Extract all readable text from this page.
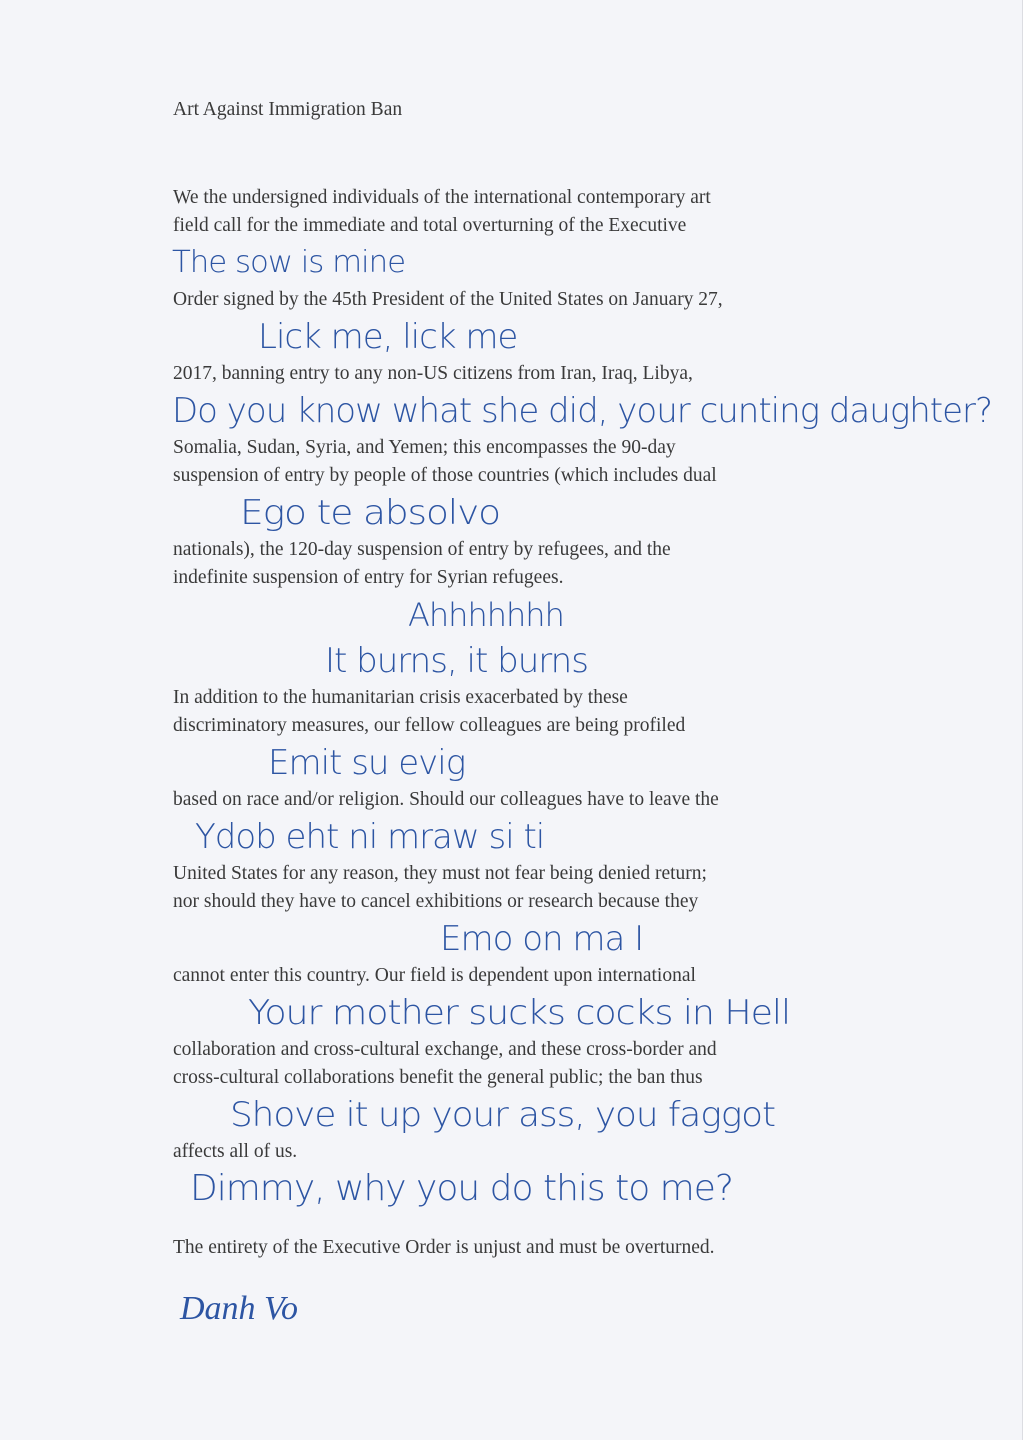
Art Against Immigration Ban
We the undersigned individuals of the international contemporary art
field call for the immediate and total overturning of the Executive
The sow is mine
Order signed by the 45th President of the United States on January 27,
Lick me, lick me
2017, banning entry to any non-US citizens from Iran, Iraq, Libya,
Do you know what she did, your cunting daughter?
Somalia, Sudan, Syria, and Yemen; this encompasses the 90-day
suspension of entry by people of those countries (which includes dual
Ego te absolvo
nationals), the 120-day suspension of entry by refugees, and the
indefinite suspension of entry for Syrian refugees.
Ahhhhhhh
It burns, it burns
In addition to the humanitarian crisis exacerbated by these
discriminatory measures, our fellow colleagues are being profiled
Emit su evig
based on race and/or religion. Should our colleagues have to leave the
Ydob eht ni mraw si ti
United States for any reason, they must not fear being denied return;
nor should they have to cancel exhibitions or research because they
Emo on ma I
cannot enter this country. Our field is dependent upon international
Your mother sucks cocks in Hell
collaboration and cross-cultural exchange, and these cross-border and
cross-cultural collaborations benefit the general public; the ban thus
Shove it up your ass, you faggot
affects all of us.
Dimmy, why you do this to me?
The entirety of the Executive Order is unjust and must be overturned.
Danh Vo
